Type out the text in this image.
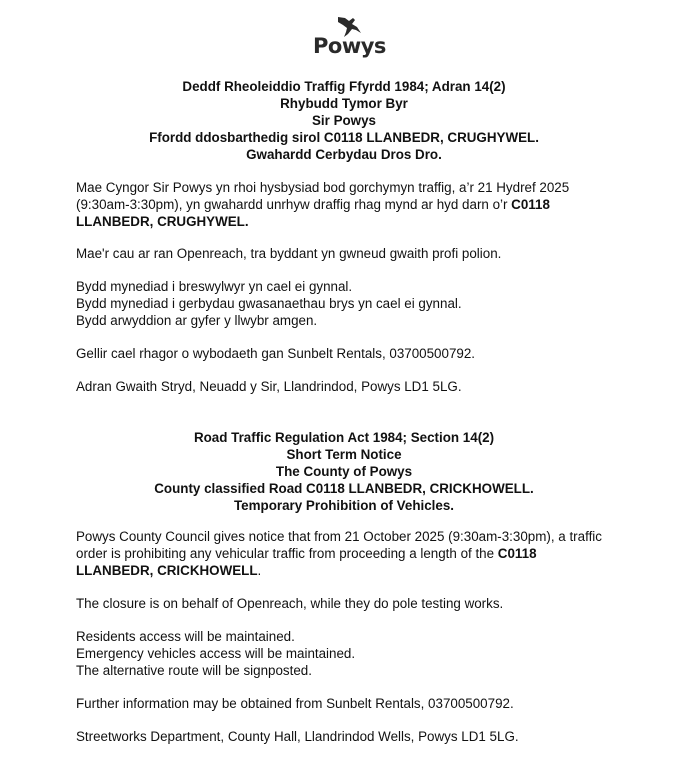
Powys
Deddf Rheoleiddio Traffig Ffyrdd 1984; Adran 14(2)
Rhybudd Tymor Byr
Sir Powys
Ffordd ddosbarthedig sirol C0118 LLANBEDR, CRUGHYWEL.
Gwahardd Cerbydau Dros Dro.
Mae Cyngor Sir Powys yn rhoi hysbysiad bod gorchymyn traffig, a’r 21 Hydref 2025 (9:30am-3:30pm), yn gwahardd unrhyw draffig rhag mynd ar hyd darn o’r C0118 LLANBEDR, CRUGHYWEL.
Mae'r cau ar ran Openreach, tra byddant yn gwneud gwaith profi polion.
Bydd mynediad i breswylwyr yn cael ei gynnal.
Bydd mynediad i gerbydau gwasanaethau brys yn cael ei gynnal.
Bydd arwyddion ar gyfer y llwybr amgen.
Gellir cael rhagor o wybodaeth gan Sunbelt Rentals, 03700500792.
Adran Gwaith Stryd, Neuadd y Sir, Llandrindod, Powys LD1 5LG.
Road Traffic Regulation Act 1984; Section 14(2)
Short Term Notice
The County of Powys
County classified Road C0118 LLANBEDR, CRICKHOWELL.
Temporary Prohibition of Vehicles.
Powys County Council gives notice that from 21 October 2025 (9:30am-3:30pm), a traffic order is prohibiting any vehicular traffic from proceeding a length of the C0118 LLANBEDR, CRICKHOWELL.
The closure is on behalf of Openreach, while they do pole testing works.
Residents access will be maintained.
Emergency vehicles access will be maintained.
The alternative route will be signposted.
Further information may be obtained from Sunbelt Rentals, 03700500792.
Streetworks Department, County Hall, Llandrindod Wells, Powys LD1 5LG.
